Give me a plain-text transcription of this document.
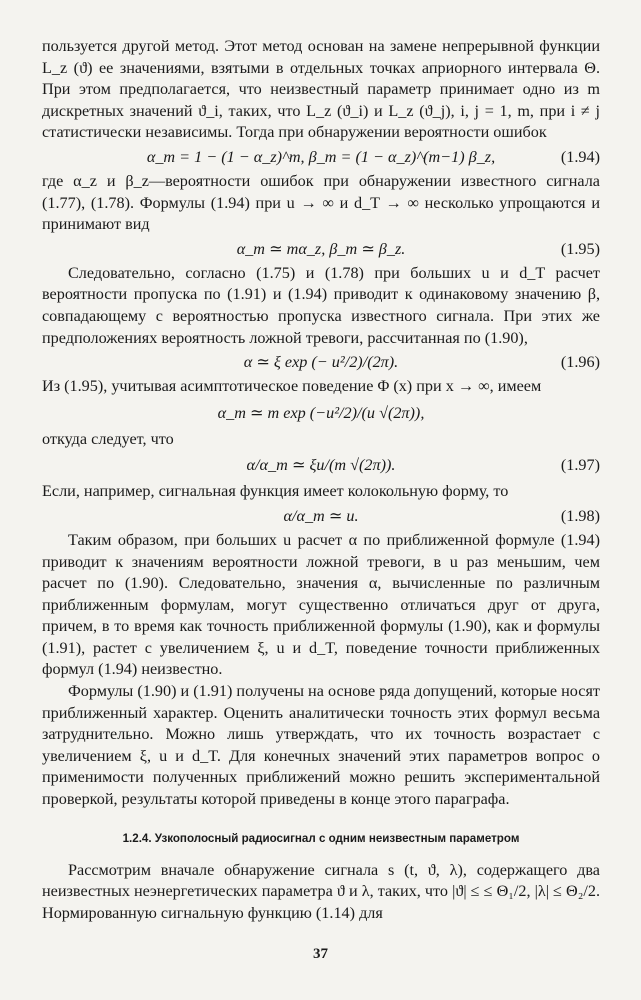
пользуется другой метод. Этот метод основан на замене непрерывной функции L_z (ϑ) ее значениями, взятыми в отдельных точках априорного интервала Θ. При этом предполагается, что неизвестный параметр принимает одно из m дискретных значений ϑ_i, таких, что L_z (ϑ_i) и L_z (ϑ_j), i, j = 1, m, при i ≠ j статистически независимы. Тогда при обнаружении вероятности ошибок

α_m = 1 − (1 − α_z)^m, β_m = (1 − α_z)^(m−1) β_z,	(1.94)

где α_z и β_z—вероятности ошибок при обнаружении известного сигнала (1.77), (1.78). Формулы (1.94) при u → ∞ и d_T → ∞ несколько упрощаются и принимают вид

α_m ≃ mα_z, β_m ≃ β_z.	(1.95)

Следовательно, согласно (1.75) и (1.78) при больших u и d_T расчет вероятности пропуска по (1.91) и (1.94) приводит к одинаковому значению β, совпадающему с вероятностью пропуска известного сигнала. При этих же предположениях вероятность ложной тревоги, рассчитанная по (1.90),

α ≃ ξ exp (− u²/2)/(2π).	(1.96)

Из (1.95), учитывая асимптотическое поведение Φ (x) при x → ∞, имеем

α_m ≃ m exp (−u²/2)/(u √(2π)),

откуда следует, что

α/α_m ≃ ξu/(m √(2π)).	(1.97)

Если, например, сигнальная функция имеет колокольную форму, то

α/α_m ≃ u.	(1.98)

Таким образом, при больших u расчет α по приближенной формуле (1.94) приводит к значениям вероятности ложной тревоги, в u раз меньшим, чем расчет по (1.90). Следовательно, значения α, вычисленные по различным приближенным формулам, могут существенно отличаться друг от друга, причем, в то время как точность приближенной формулы (1.90), как и формулы (1.91), растет с увеличением ξ, u и d_T, поведение точности приближенных формул (1.94) неизвестно.

Формулы (1.90) и (1.91) получены на основе ряда допущений, которые носят приближенный характер. Оценить аналитически точность этих формул весьма затруднительно. Можно лишь утверждать, что их точность возрастает с увеличением ξ, u и d_T. Для конечных значений этих параметров вопрос о применимости полученных приближений можно решить экспериментальной проверкой, результаты которой приведены в конце этого параграфа.

1.2.4. Узкополосный радиосигнал с одним неизвестным параметром

Рассмотрим вначале обнаружение сигнала s (t, ϑ, λ), содержащего два неизвестных неэнергетических параметра ϑ и λ, таких, что |ϑ| ≤ ≤ Θ₁/2, |λ| ≤ Θ₂/2. Нормированную сигнальную функцию (1.14) для

37
